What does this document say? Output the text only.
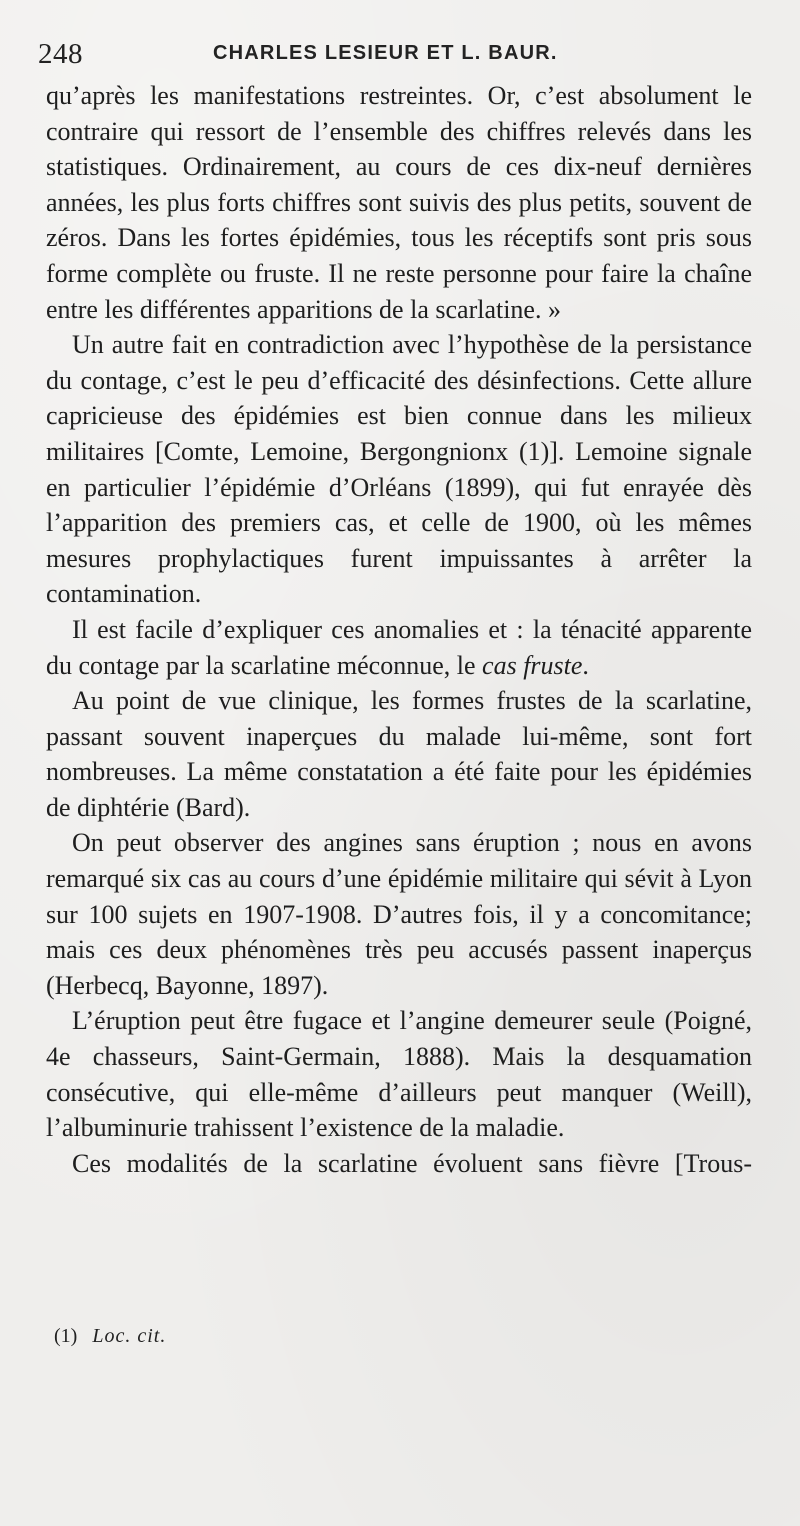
248	CHARLES LESIEUR ET L. BAUR.

qu’après les manifestations restreintes. Or, c’est absolument le contraire qui ressort de l’ensemble des chiffres relevés dans les statistiques. Ordinairement, au cours de ces dix-neuf dernières années, les plus forts chiffres sont suivis des plus petits, souvent de zéros. Dans les fortes épidémies, tous les réceptifs sont pris sous forme complète ou fruste. Il ne reste personne pour faire la chaîne entre les différentes apparitions de la scarlatine. »

Un autre fait en contradiction avec l’hypothèse de la persistance du contage, c’est le peu d’efficacité des désinfections. Cette allure capricieuse des épidémies est bien connue dans les milieux militaires [Comte, Lemoine, Bergongnionx (1)]. Lemoine signale en particulier l’épidémie d’Orléans (1899), qui fut enrayée dès l’apparition des premiers cas, et celle de 1900, où les mêmes mesures prophylactiques furent impuissantes à arrêter la contamination.

Il est facile d’expliquer ces anomalies et : la ténacité apparente du contage par la scarlatine méconnue, le cas fruste.

Au point de vue clinique, les formes frustes de la scarlatine, passant souvent inaperçues du malade lui-même, sont fort nombreuses. La même constatation a été faite pour les épidémies de diphtérie (Bard).

On peut observer des angines sans éruption ; nous en avons remarqué six cas au cours d’une épidémie militaire qui sévit à Lyon sur 100 sujets en 1907-1908. D’autres fois, il y a concomitance; mais ces deux phénomènes très peu accusés passent inaperçus (Herbecq, Bayonne, 1897).

L’éruption peut être fugace et l’angine demeurer seule (Poigné, 4e chasseurs, Saint-Germain, 1888). Mais la desquamation consécutive, qui elle-même d’ailleurs peut manquer (Weill), l’albuminurie trahissent l’existence de la maladie.

Ces modalités de la scarlatine évoluent sans fièvre [Trous-

(1) Loc. cit.
